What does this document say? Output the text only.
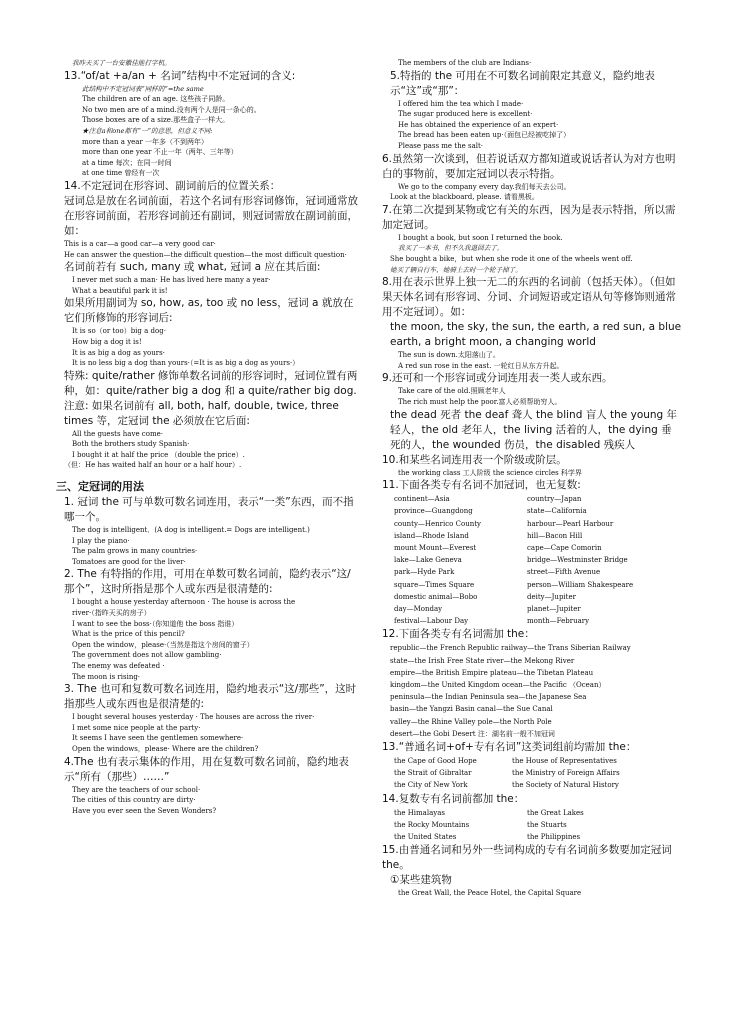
我昨天买了一台安徽佳能打字机。
13.“of/at +a/an + 名词”结构中不定冠词的含义:
此结构中不定冠词表“同样的”=the same
The children are of an age. 这些孩子同龄。
No two men are of a mind.没有两个人是同一条心的。
Those boxes are of a size.那些盒子一样大。
★注意a和one都有“一”的意思，但意义不同:
more than a year 一年多（不到两年）
more than one year 不止一年（两年、三年等）
at a time 每次；在同一时间
at one time 曾经有一次
14.不定冠词在形容词、副词前后的位置关系：
冠词总是放在名词前面，若这个名词有形容词修饰，冠词通常放在形容词前面，若形容词前还有副词，则冠词需放在副词前面，如：
This is a car—a good car—a very good car·
He can answer the question—the difficult question—the most difficult question·
名词前若有 such, many 或 what, 冠词 a 应在其后面:
I never met such a man· He has lived here many a year·
What a beautiful park it is!
如果所用副词为 so, how, as, too 或 no less，冠词 a 就放在它们所修饰的形容词后:
It is so（or too）big a dog·
How big a dog it is!
It is as big a dog as yours·
It is no less big a dog than yours·（=It is as big a dog as yours·）
特殊: quite/rather 修饰单数名词前的形容词时，冠词位置有两种，如：quite/rather big a dog 和 a quite/rather big dog.
注意: 如果名词前有 all, both, half, double, twice, three times 等，定冠词 the 必须放在它后面:
All the guests have come·
Both the brothers study Spanish·
I bought it at half the price （double the price）.
（但：He has waited half an hour or a half hour）.
三、定冠词的用法
1. 冠词 the 可与单数可数名词连用，表示“一类”东西，而不指哪一个。
The dog is intelligent．(A dog is intelligent.= Dogs are intelligent.)
I play the piano·
The palm grows in many countries·
Tomatoes are good for the liver·
2. The 有特指的作用，可用在单数可数名词前，隐约表示“这/那个”，这时所指是那个人或东西是很清楚的:
I bought a house yesterday afternoon · The house is across the
river·（指昨天买的房子）
I want to see the boss·（你知道他 the boss 指谁）
What is the price of this pencil?
Open the window，please·（当然是指这个房间的窗子）
The government does not allow gambling·
The enemy was defeated ·
The moon is rising·
3. The 也可和复数可数名词连用，隐约地表示“这/那些”，这时指那些人或东西也是很清楚的:
I bought several houses yesterday · The houses are across the river·
I met some nice people at the party·
It seems I have seen the gentlemen somewhere·
Open the windows，please· Where are the children?
4.The 也有表示集体的作用，用在复数可数名词前，隐约地表示“所有（那些）……”
They are the teachers of our school·
The cities of this country are dirty·
Have you ever seen the Seven Wonders?
The members of the club are Indians·
5.特指的 the 可用在不可数名词前限定其意义，隐约地表示“这”或“那”：
I offered him the tea which I made·
The sugar produced here is excellent·
He has obtained the experience of an expert·
The bread has been eaten up·（面包已经被吃掉了）
Please pass me the salt·
6.虽然第一次谈到，但若说话双方都知道或说话者认为对方也明白的事物前，要加定冠词以表示特指。
We go to the company every day.我们每天去公司。
Look at the blackboard, please. 请看黑板。
7.在第二次提到某物或它有关的东西，因为是表示特指，所以需加定冠词。
I bought a book, but soon I returned the book.
我买了一本书，但不久我退回去了。
She bought a bike，but when she rode it one of the wheels went off.
她买了辆自行车，她骑上去时一个轮子掉了。
8.用在表示世界上独一无二的东西的名词前（包括天体）。（但如果天体名词有形容词、分词、介词短语或定语从句等修饰则通常用不定冠词）。如：
the moon, the sky, the sun, the earth, a red sun, a blue earth, a bright moon, a changing world
The sun is down.太阳落山了。
A red sun rose in the east. 一轮红日从东方升起。
9.还可和一个形容词或分词连用表一类人或东西。
Take care of the old.照顾老年人
The rich must help the poor.富人必须帮助穷人。
the dead 死者 the deaf 聋人 the blind 盲人 the young 年轻人，the old 老年人，the living 活着的人，the dying 垂死的人，the wounded 伤员，the disabled 残疾人
10.和某些名词连用表一个阶级或阶层。
the working class 工人阶级 the science circles 科学界
11.下面各类专有名词不加冠词，也无复数:
continent—Asia	country—Japan
province—Guangdong	state—California
county—Henrico County	harbour—Pearl Harbour
island—Rhode Island	hill—Bacon Hill
mount Mount—Everest	cape—Cape Comorin
lake—Lake Geneva	bridge—Westminster Bridge
park—Hyde Park	street—Fifth Avenue
square—Times Square	person—William Shakespeare
domestic animal—Bobo	deity—Jupiter
day—Monday	planet—Jupiter
festival—Labour Day	month—February
12.下面各类专有名词需加 the：
republic—the French Republic railway—the Trans Siberian Railway
state—the Irish Free State river—the Mekong River
empire—the British Empire plateau—the Tibetan Plateau
kingdom—the United Kingdom ocean—the Pacific （Ocean）
peninsula—the Indian Peninsula sea—the Japanese Sea
basin—the Yangzi Basin canal—the Sue Canal
valley—the Rhine Valley pole—the North Pole
desert—the Gobi Desert 注：湖名前一般不加冠词
13.“普通名词+of+专有名词”这类词组前均需加 the：
the Cape of Good Hope	the House of Representatives
the Strait of Gibraltar	the Ministry of Foreign Affairs
the City of New York	the Society of Natural History
14.复数专有名词前都加 the：
the Himalayas	the Great Lakes
the Rocky Mountains	the Stuarts
the United States	the Philippines
15.由普通名词和另外一些词构成的专有名词前多数要加定冠词 the。
①某些建筑物
the Great Wall, the Peace Hotel, the Capital Square
